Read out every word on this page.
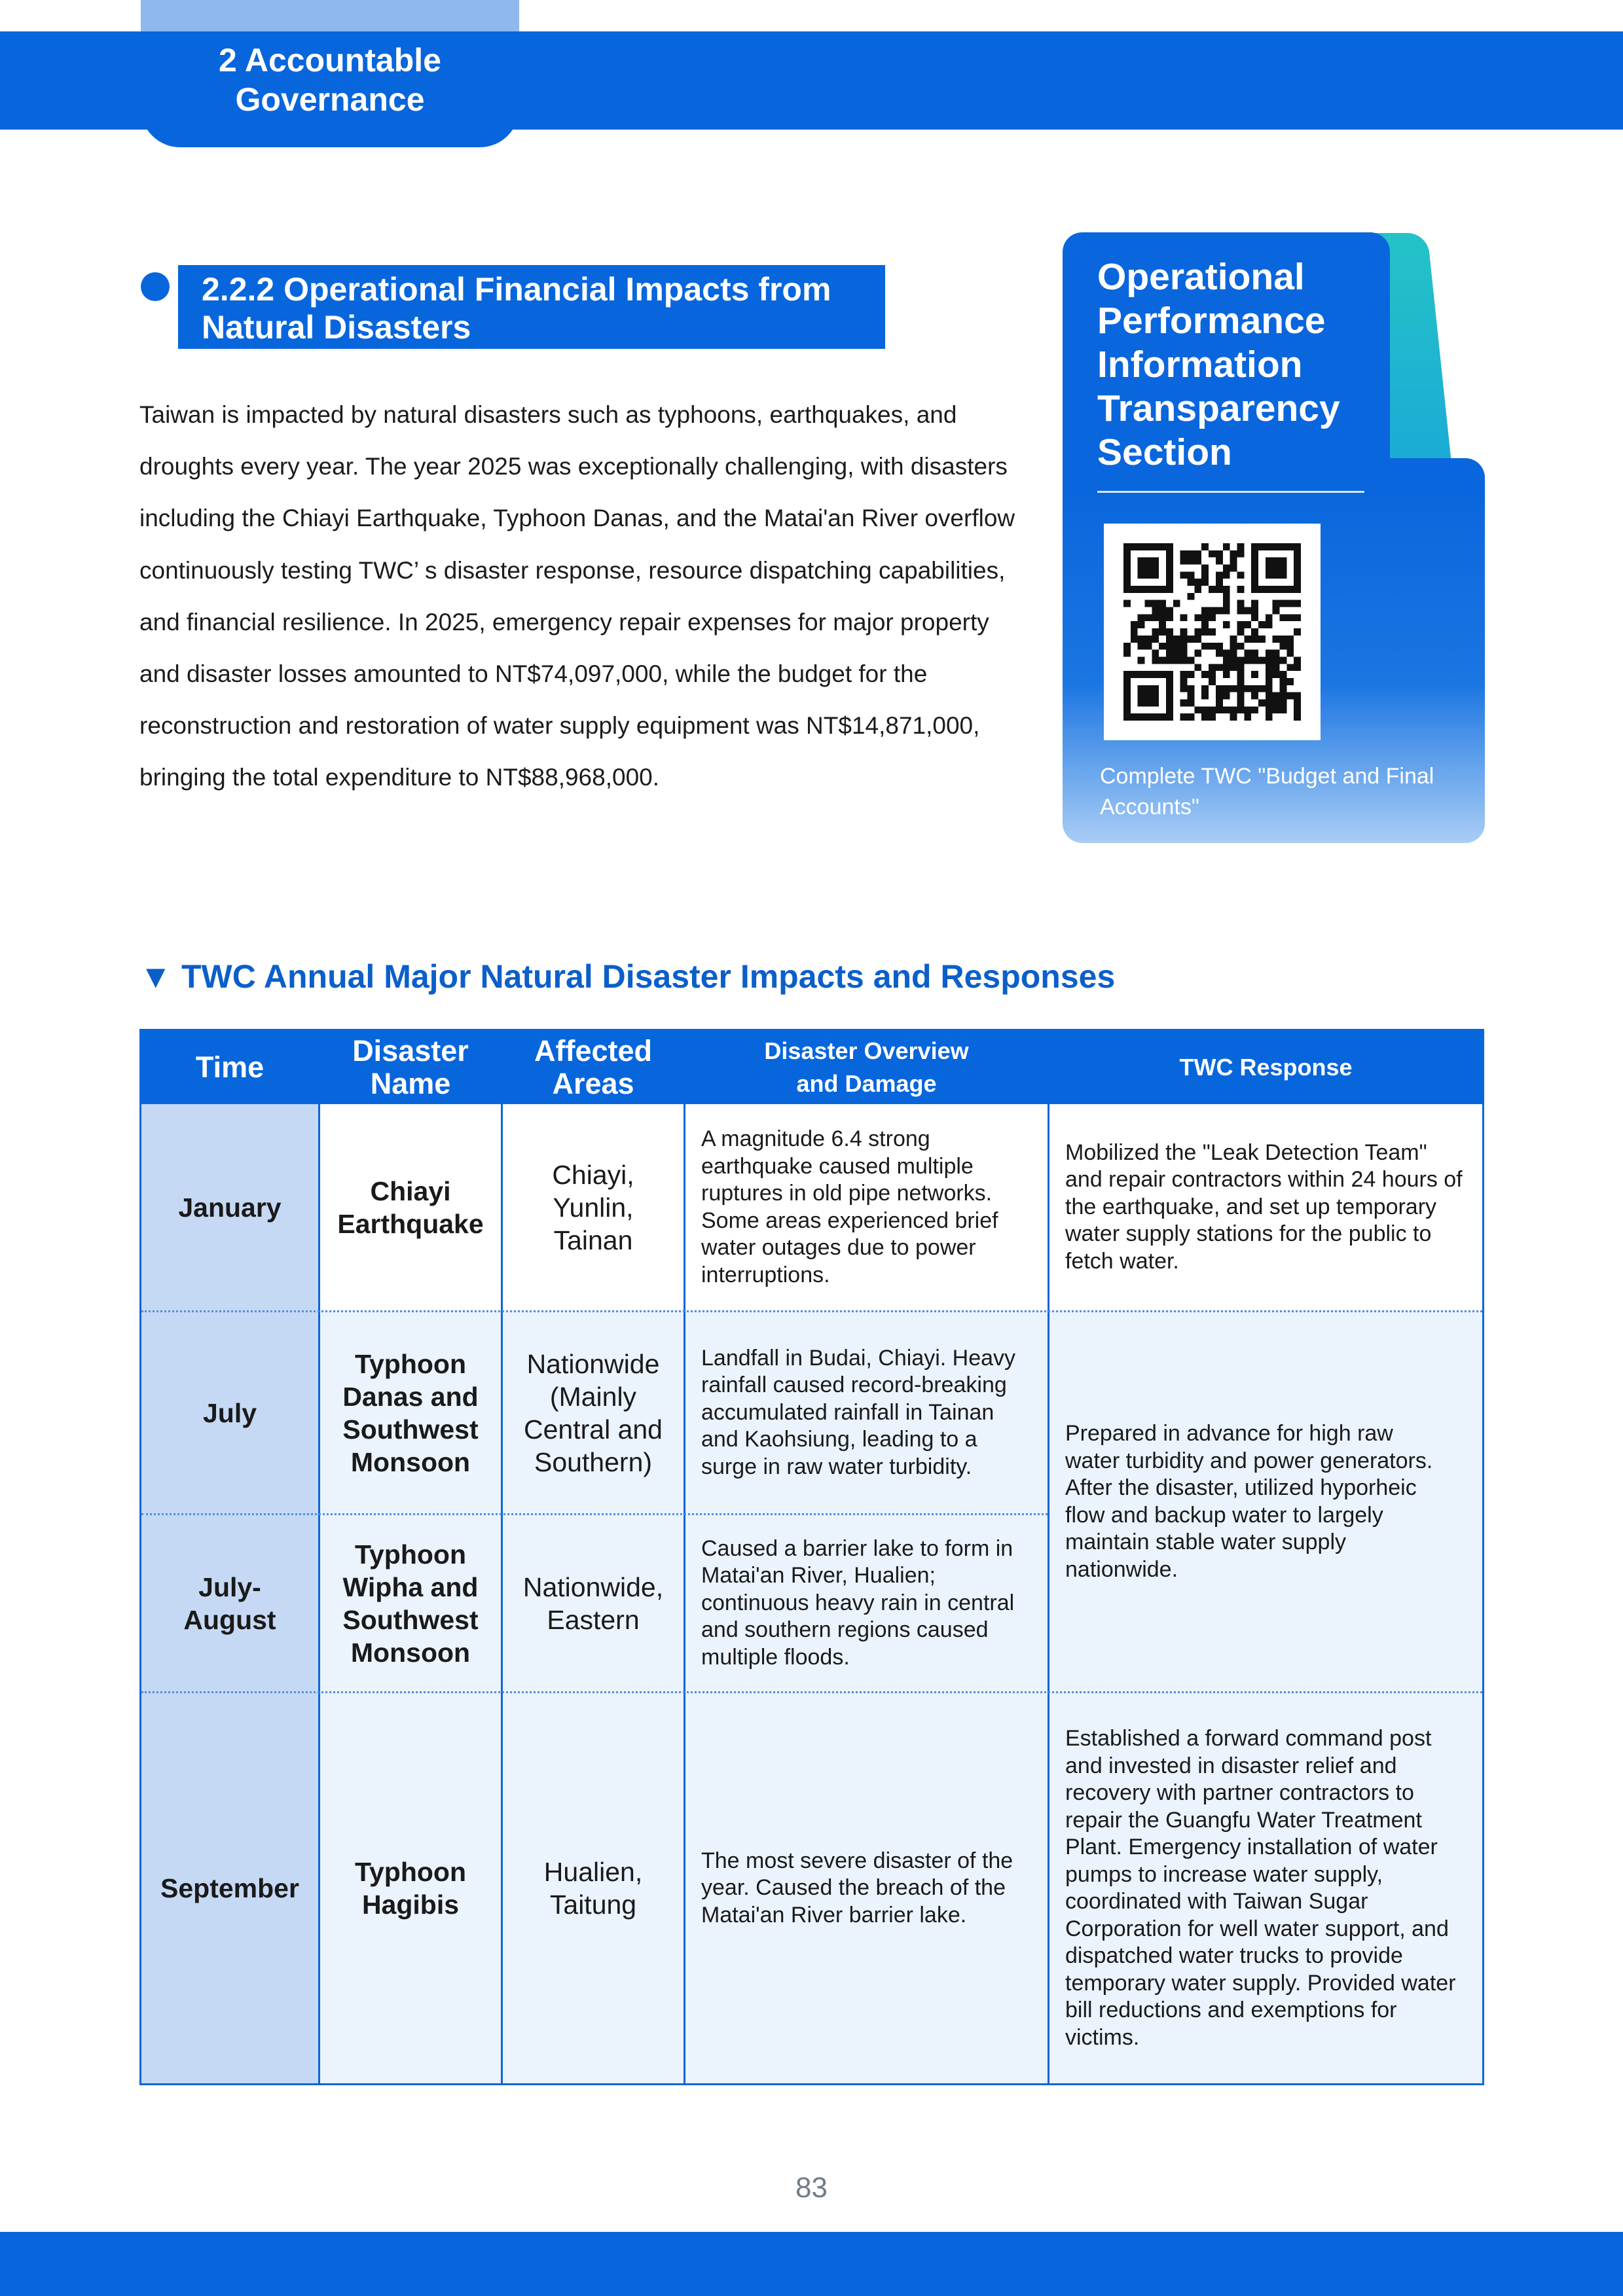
2 Accountable Governance
2.2.2 Operational Financial Impacts from

Natural Disasters
Taiwan is impacted by natural disasters such as typhoons, earthquakes, and droughts every year. The year 2025 was exceptionally challenging, with disasters including the Chiayi Earthquake, Typhoon Danas, and the Matai'an River overflow continuously testing TWC’ s disaster response, resource dispatching capabilities, and financial resilience. In 2025, emergency repair expenses for major property and disaster losses amounted to NT$74,097,000, while the budget for the reconstruction and restoration of water supply equipment was NT$14,871,000, bringing the total expenditure to NT$88,968,000.
Operational Performance Information Transparency Section
Complete TWC "Budget and Final Accounts"
▼ TWC Annual Major Natural Disaster Impacts and Responses
Time	Disaster Name
Affected Areas
Disaster Overview and Damage
TWC Response
January
Chiayi Earthquake
Chiayi, Yunlin, Tainan
A magnitude 6.4 strong earthquake caused multiple ruptures in old pipe networks. Some areas experienced brief water outages due to power interruptions.
Mobilized the "Leak Detection Team" and repair contractors within 24 hours of the earthquake, and set up temporary water supply stations for the public to fetch water.
July
Typhoon Danas and Southwest Monsoon
Nationwide (Mainly Central and Southern)
Landfall in Budai, Chiayi. Heavy rainfall caused record-breaking accumulated rainfall in Tainan and Kaohsiung, leading to a surge in raw water turbidity.
Prepared in advance for high raw water turbidity and power generators. After the disaster, utilized hyporheic flow and backup water to largely maintain stable water supply nationwide.
July-August
Typhoon Wipha and Southwest Monsoon
Nationwide, Eastern
Caused a barrier lake to form in Matai'an River, Hualien; continuous heavy rain in central and southern regions caused multiple floods.
September
Typhoon Hagibis
Hualien, Taitung
The most severe disaster of the year. Caused the breach of the Matai'an River barrier lake.
Established a forward command post and invested in disaster relief and recovery with partner contractors to repair the Guangfu Water Treatment Plant. Emergency installation of water pumps to increase water supply, coordinated with Taiwan Sugar Corporation for well water support, and dispatched water trucks to provide temporary water supply. Provided water bill reductions and exemptions for victims.
83
